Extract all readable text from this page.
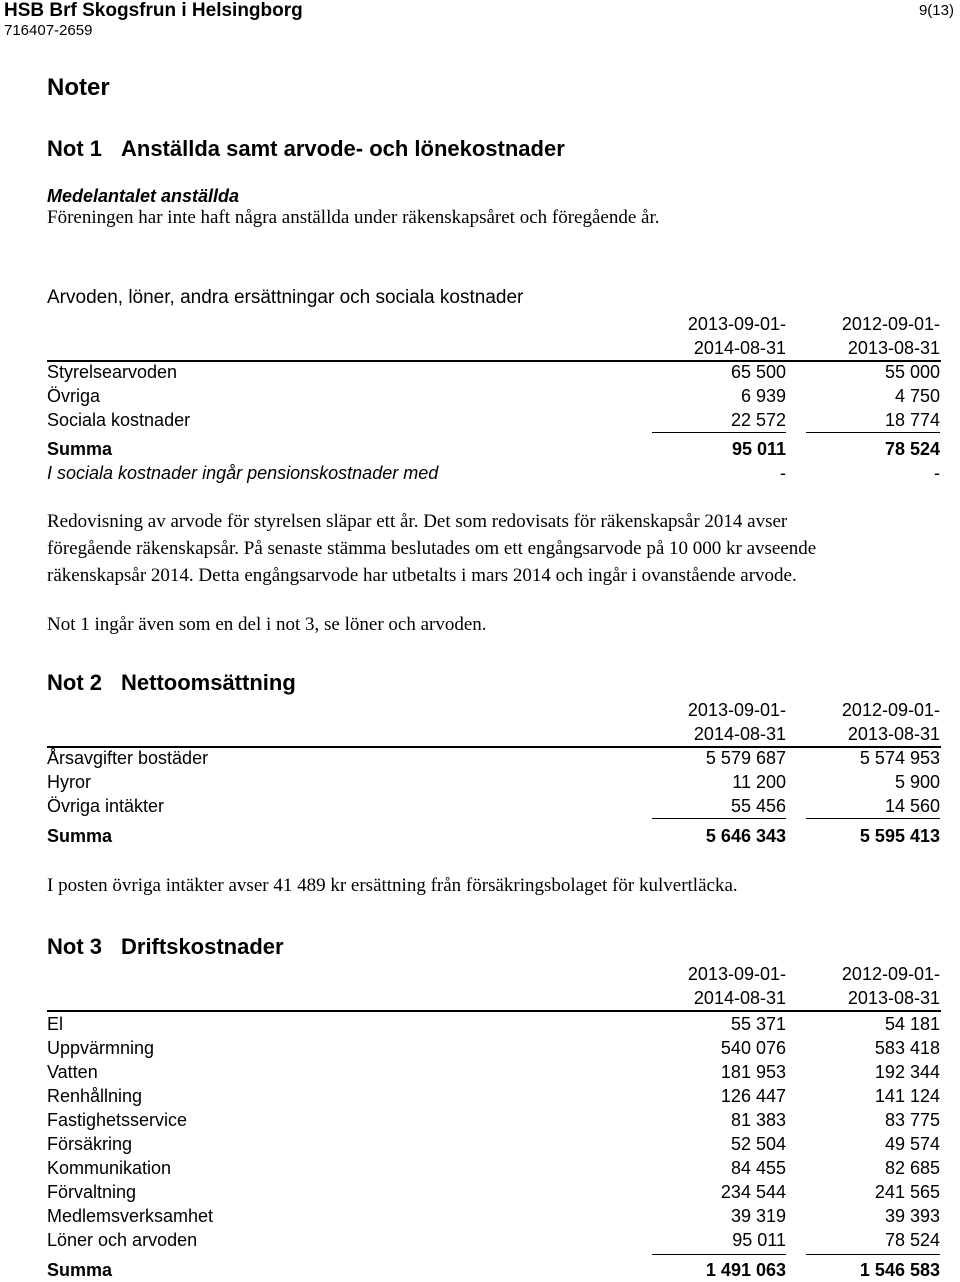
HSB Brf Skogsfrun i Helsingborg
716407-2659
9(13)
Noter
Not 1 Anställda samt arvode- och lönekostnader
Medelantalet anställda
Föreningen har inte haft några anställda under räkenskapsåret och föregående år.
Arvoden, löner, andra ersättningar och sociala kostnader
2013-09-01-
2014-08-31
2012-09-01-
2013-08-31
Styrelsearvoden	65 500	55 000
Övriga	6 939	4 750
Sociala kostnader	22 572	18 774
Summa	95 011	78 524
I sociala kostnader ingår pensionskostnader med	-	-
Redovisning av arvode för styrelsen släpar ett år. Det som redovisats för räkenskapsår 2014 avser
föregående räkenskapsår. På senaste stämma beslutades om ett engångsarvode på 10 000 kr avseende
räkenskapsår 2014. Detta engångsarvode har utbetalts i mars 2014 och ingår i ovanstående arvode.
Not 1 ingår även som en del i not 3, se löner och arvoden.
Not 2 Nettoomsättning
2013-09-01-
2014-08-31
2012-09-01-
2013-08-31
Årsavgifter bostäder	5 579 687	5 574 953
Hyror	11 200	5 900
Övriga intäkter	55 456	14 560
Summa	5 646 343	5 595 413
I posten övriga intäkter avser 41 489 kr ersättning från försäkringsbolaget för kulvertläcka.
Not 3 Driftskostnader
2013-09-01-
2014-08-31
2012-09-01-
2013-08-31
El	55 371	54 181
Uppvärmning	540 076	583 418
Vatten	181 953	192 344
Renhållning	126 447	141 124
Fastighetsservice	81 383	83 775
Försäkring	52 504	49 574
Kommunikation	84 455	82 685
Förvaltning	234 544	241 565
Medlemsverksamhet	39 319	39 393
Löner och arvoden	95 011	78 524
Summa	1 491 063	1 546 583
